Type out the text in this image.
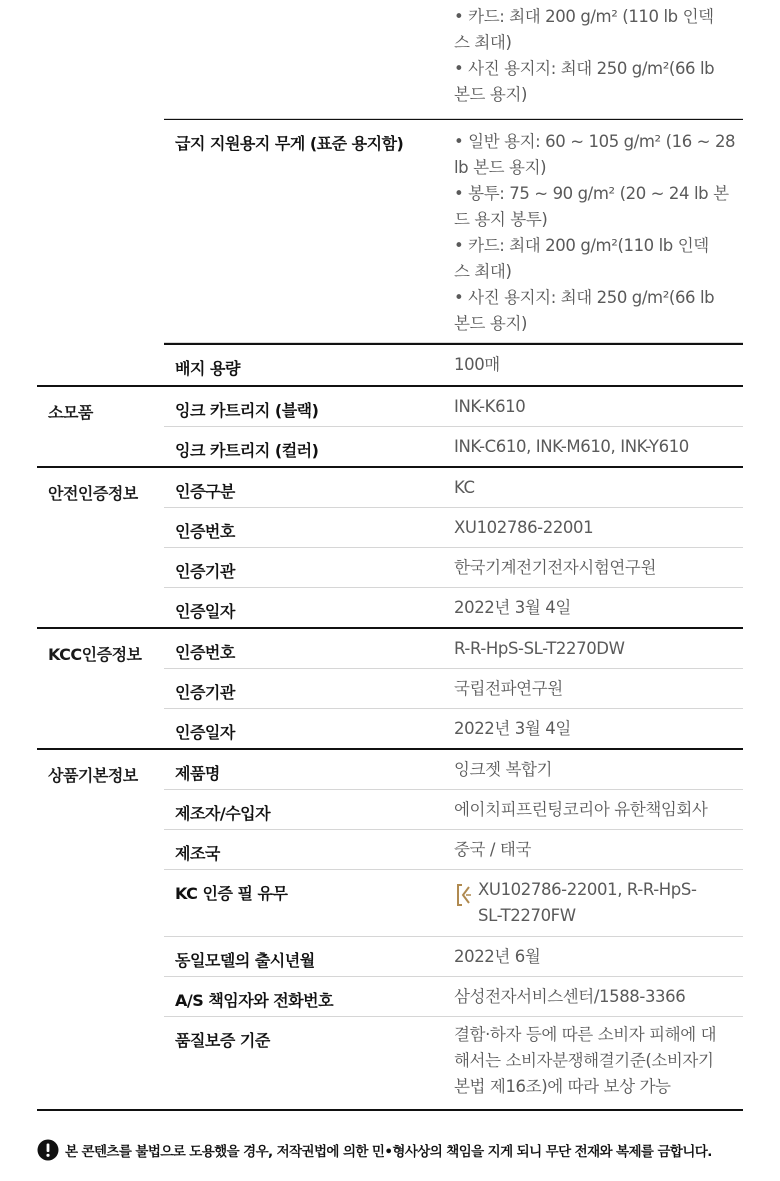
• 카드: 최대 200 g/m² (110 lb 인덱
스 최대)
• 사진 용지지: 최대 250 g/m²(66 lb
본드 용지)
급지 지원용지 무게 (표준 용지함)	• 일반 용지: 60 ~ 105 g/m² (16 ~ 28
lb 본드 용지)
• 봉투: 75 ~ 90 g/m² (20 ~ 24 lb 본
드 용지 봉투)
• 카드: 최대 200 g/m²(110 lb 인덱
스 최대)
• 사진 용지지: 최대 250 g/m²(66 lb
본드 용지)
배지 용량	100매
소모품	잉크 카트리지 (블랙)	INK-K610
잉크 카트리지 (컬러)	INK-C610, INK-M610, INK-Y610
안전인증정보	인증구분	KC
인증번호	XU102786-22001
인증기관	한국기계전기전자시험연구원
인증일자	2022년 3월 4일
KCC인증정보	인증번호	R-R-HpS-SL-T2270DW
인증기관	국립전파연구원
인증일자	2022년 3월 4일
상품기본정보	제품명	잉크젯 복합기
제조자/수입자	에이치피프린팅코리아 유한책임회사
제조국	중국 / 태국
KC 인증 필 유무	XU102786-22001, R-R-HpS-
SL-T2270FW
동일모델의 출시년월	2022년 6월
A/S 책임자와 전화번호	삼성전자서비스센터/1588-3366
품질보증 기준	결함·하자 등에 따른 소비자 피해에 대
해서는 소비자분쟁해결기준(소비자기
본법 제16조)에 따라 보상 가능
본 콘텐츠를 불법으로 도용했을 경우, 저작권법에 의한 민•형사상의 책임을 지게 되니 무단 전재와 복제를 금합니다.
